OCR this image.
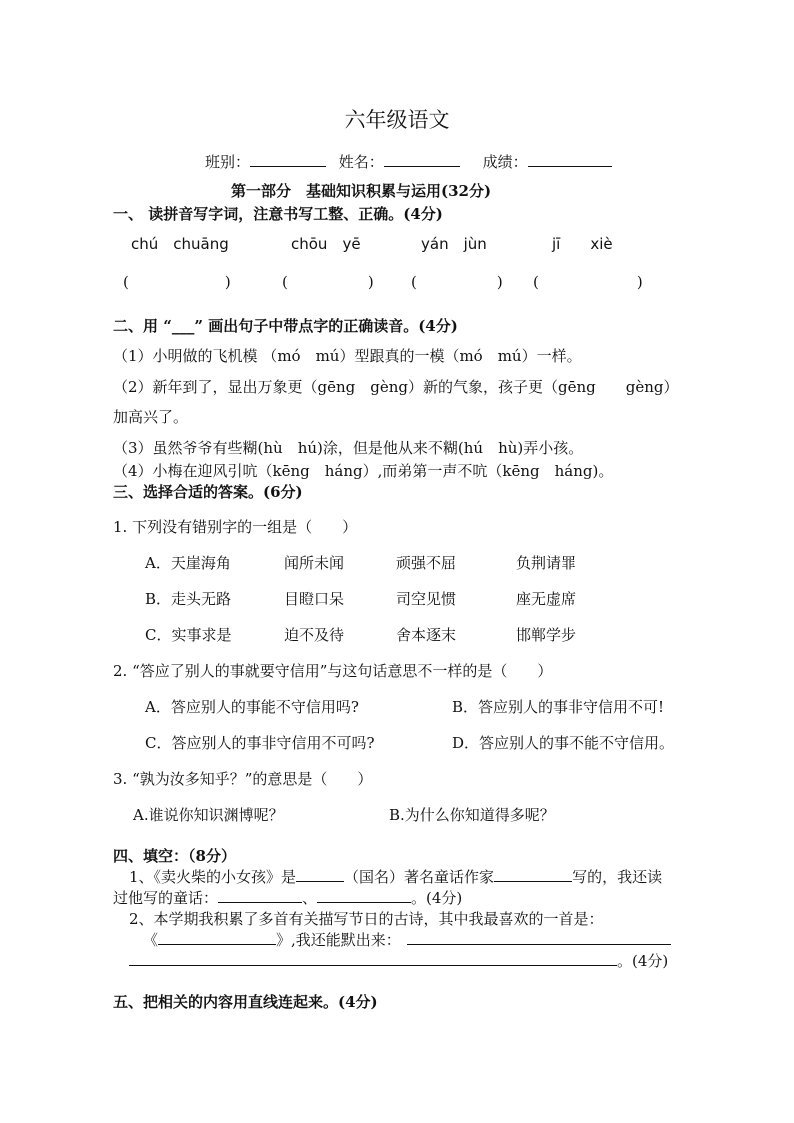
六年级语文
班别：	姓名：	成绩：
第一部分　基础知识积累与运用(32分)
一、 读拼音写字词，注意书写工整、正确。(4分)
chú　chuāng	chōu　yē	yán　jùn	jī　　xiè
(	)	(	) (	) (	)
二、用 “___” 画出句子中带点字的正确读音。(4分)
（1）小明做的飞机模 （mó　mú）型跟真的一模（mó　mú）一样。
（2）新年到了，显出万象更（gēng　gèng）新的气象，孩子更（gēng　　gèng）
加高兴了。
（3）虽然爷爷有些糊(hù　hú)涂，但是他从来不糊(hú　hù)弄小孩。
（4）小梅在迎风引吭（kēng　háng）,而弟第一声不吭（kēng　háng)。
三、选择合适的答案。(6分)
1. 下列没有错别字的一组是（　　）
A．天崖海角	闻所未闻	顽强不屈	负荆请罪
B．走头无路	目瞪口呆	司空见惯	座无虚席
C．实事求是	迫不及待	舍本逐末	邯郸学步
2. “答应了别人的事就要守信用”与这句话意思不一样的是（　　）
A．答应别人的事能不守信用吗?	B．答应别人的事非守信用不可!
C．答应别人的事非守信用不可吗?	D．答应别人的事不能不守信用。
3. “孰为汝多知乎？”的意思是（　　）
A.谁说你知识渊博呢？	B.为什么你知道得多呢？
四、填空：（8分）
1、《卖火柴的小女孩》是	（国名）著名童话作家	写的，我还读
过他写的童话：	、	。(4分)
2、本学期我积累了多首有关描写节日的古诗，其中我最喜欢的一首是：
《	》,我还能默出来：
。(4分)
五、把相关的内容用直线连起来。(4分)
